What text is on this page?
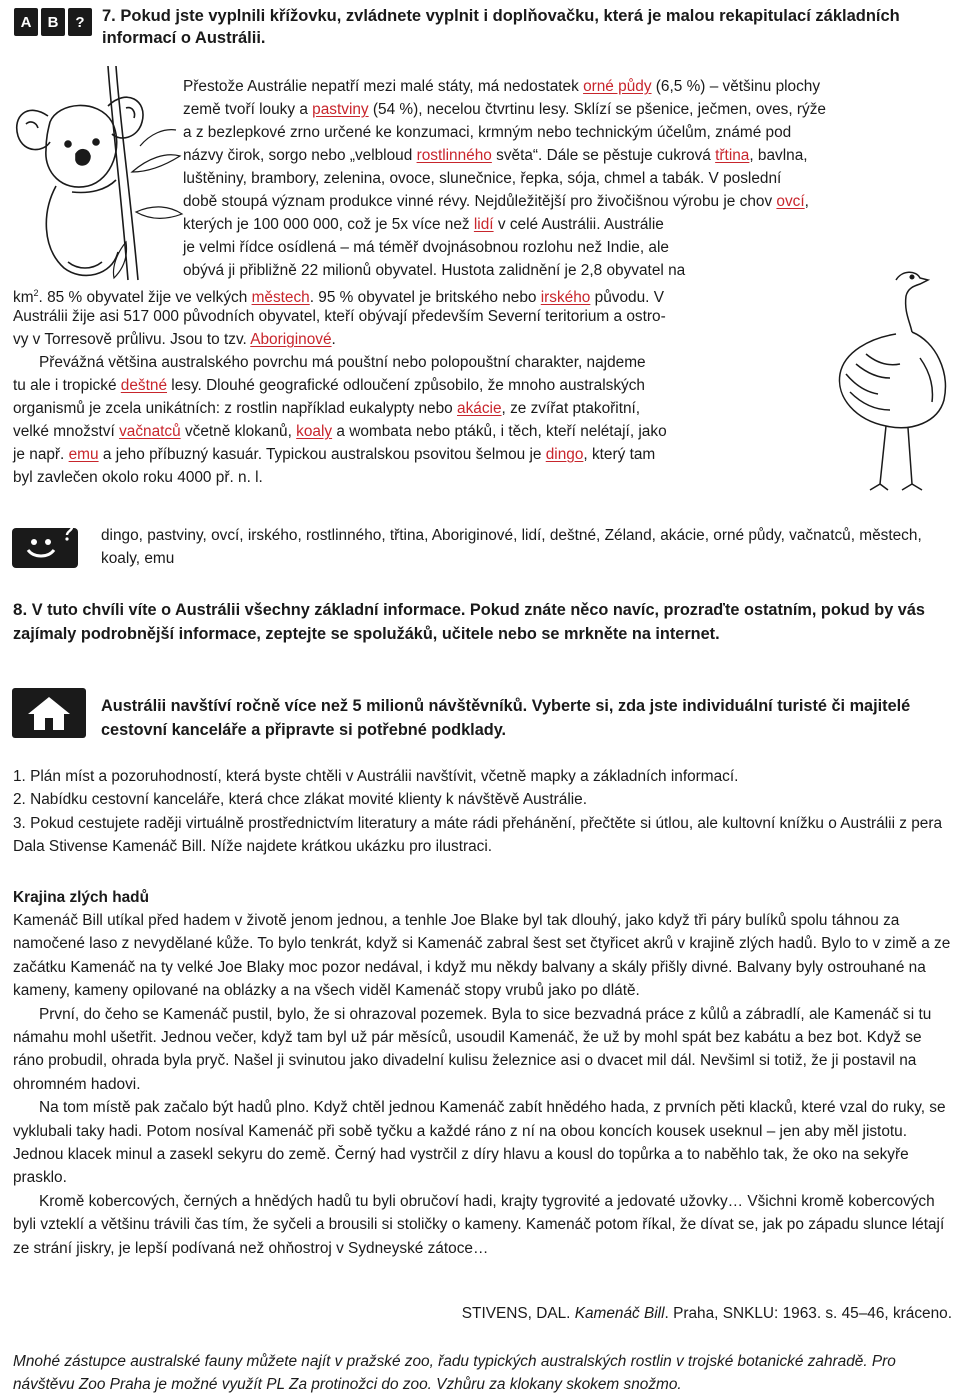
A	B	?	7. Pokud jste vyplnili křížovku, zvládnete vyplnit i doplňovačku, která je malou rekapitulací základních informací o Austrálii.
Přestože Austrálie nepatří mezi malé státy, má nedostatek orné půdy (6,5 %) – většinu plochy
země tvoří louky a pastviny (54 %), necelou čtvrtinu lesy. Sklízí se pšenice, ječmen, oves, rýže
a z bezlepkové zrno určené ke konzumaci, krmným nebo technickým účelům, známé pod
názvy čirok, sorgo nebo „velbloud rostlinného světa“. Dále se pěstuje cukrová třtina, bavlna,
luštěniny, brambory, zelenina, ovoce, slunečnice, řepka, sója, chmel a tabák. V poslední
době stoupá význam produkce vinné révy. Nejdůležitější pro živočišnou výrobu je chov ovcí,
kterých je 100 000 000, což je 5x více než lidí v celé Austrálii. Austrálie
je velmi řídce osídlená – má téměř dvojnásobnou rozlohu než Indie, ale
obývá ji přibližně 22 milionů obyvatel. Hustota zalidnění je 2,8 obyvatel na
$km^2$. 85 % obyvatel žije ve velkých městech. 95 % obyvatel je britského nebo irského původu. V
Austrálii žije asi 517 000 původních obyvatel, kteří obývají především Severní teritorium a ostro-
vy v Torresově průlivu. Jsou to tzv. Aboriginové.
Převážná většina australského povrchu má pouštní nebo polopouštní charakter, najdeme
tu ale i tropické deštné lesy. Dlouhé geografické odloučení způsobilo, že mnoho australských
organismů je zcela unikátních: z rostlin například eukalypty nebo akácie, ze zvířat ptakořitní,
velké množství vačnatců včetně klokanů, koaly a wombata nebo ptáků, i těch, kteří nelétají, jako
je např. emu a jeho příbuzný kasuár. Typickou australskou psovitou šelmou je dingo, který tam
byl zavlečen okolo roku 4000 př. n. l.
dingo, pastviny, ovcí, irského, rostlinného, třtina, Aboriginové, lidí, deštné, Zéland, akácie, orné půdy, vačnatců, městech, koaly, emu
8. V tuto chvíli víte o Austrálii všechny základní informace. Pokud znáte něco navíc, prozraďte ostatním, pokud by vás zajímaly podrobnější informace, zeptejte se spolužáků, učitele nebo se mrkněte na internet.
Austrálii navštíví ročně více než 5 milionů návštěvníků. Vyberte si, zda jste individuální turisté či majitelé cestovní kanceláře a připravte si potřebné podklady.

1. Plán míst a pozoruhodností, která byste chtěli v Austrálii navštívit, včetně mapky a základních informací.

2. Nabídku cestovní kanceláře, která chce zlákat movité klienty k návštěvě Austrálie.

3. Pokud cestujete raději virtuálně prostřednictvím literatury a máte rádi přehánění, přečtěte si útlou, ale kultovní knížku o Austrálii z pera Dala Stivense Kamenáč Bill. Níže najdete krátkou ukázku pro ilustraci.

Krajina zlých hadů

Kamenáč Bill utíkal před hadem v životě jenom jednou, a tenhle Joe Blake byl tak dlouhý, jako když tři páry bulíků spolu táhnou za namočené laso z nevydělané kůže. To bylo tenkrát, když si Kamenáč zabral šest set čtyřicet akrů v krajině zlých hadů. Bylo to v zimě a ze začátku Kamenáč na ty velké Joe Blaky moc pozor nedával, i když mu někdy balvany a skály přišly divné. Balvany byly ostrouhané na kameny, kameny opilované na oblázky a na všech viděl Kamenáč stopy vrubů jako po dlátě.

První, do čeho se Kamenáč pustil, bylo, že si ohrazoval pozemek. Byla to sice bezvadná práce z kůlů a zábradlí, ale Kamenáč si tu námahu mohl ušetřit. Jednou večer, když tam byl už pár měsíců, usoudil Kamenáč, že už by mohl spát bez kabátu a bez bot. Když se ráno probudil, ohrada byla pryč. Našel ji svinutou jako divadelní kulisu železnice asi o dvacet mil dál. Nevšiml si totiž, že ji postavil na ohromném hadovi.

Na tom místě pak začalo být hadů plno. Když chtěl jednou Kamenáč zabít hnědého hada, z prvních pěti klacků, které vzal do ruky, se vyklubali taky hadi. Potom nosíval Kamenáč při sobě tyčku a každé ráno z ní na obou koncích kousek useknul – jen aby měl jistotu. Jednou klacek minul a zasekl sekyru do země. Černý had vystrčil z díry hlavu a kousl do topůrka a to naběhlo tak, že oko na sekyře prasklo.

Kromě kobercových, černých a hnědých hadů tu byli obručoví hadi, krajty tygrovité a jedovaté užovky… Všichni kromě kobercových byli vzteklí a většinu trávili čas tím, že syčeli a brousili si stoličky o kameny. Kamenáč potom říkal, že dívat se, jak po západu slunce létají ze strání jiskry, je lepší podívaná než ohňostroj v Sydneyské zátoce…

STIVENS, DAL. Kamenáč Bill. Praha, SNKLU: 1963. s. 45–46, kráceno.
Mnohé zástupce australské fauny můžete najít v pražské zoo, řadu typických australských rostlin v trojské botanické zahradě. Pro návštěvu Zoo Praha je možné využít PL Za protinožci do zoo. Vzhůru za klokany skokem snožmo.
